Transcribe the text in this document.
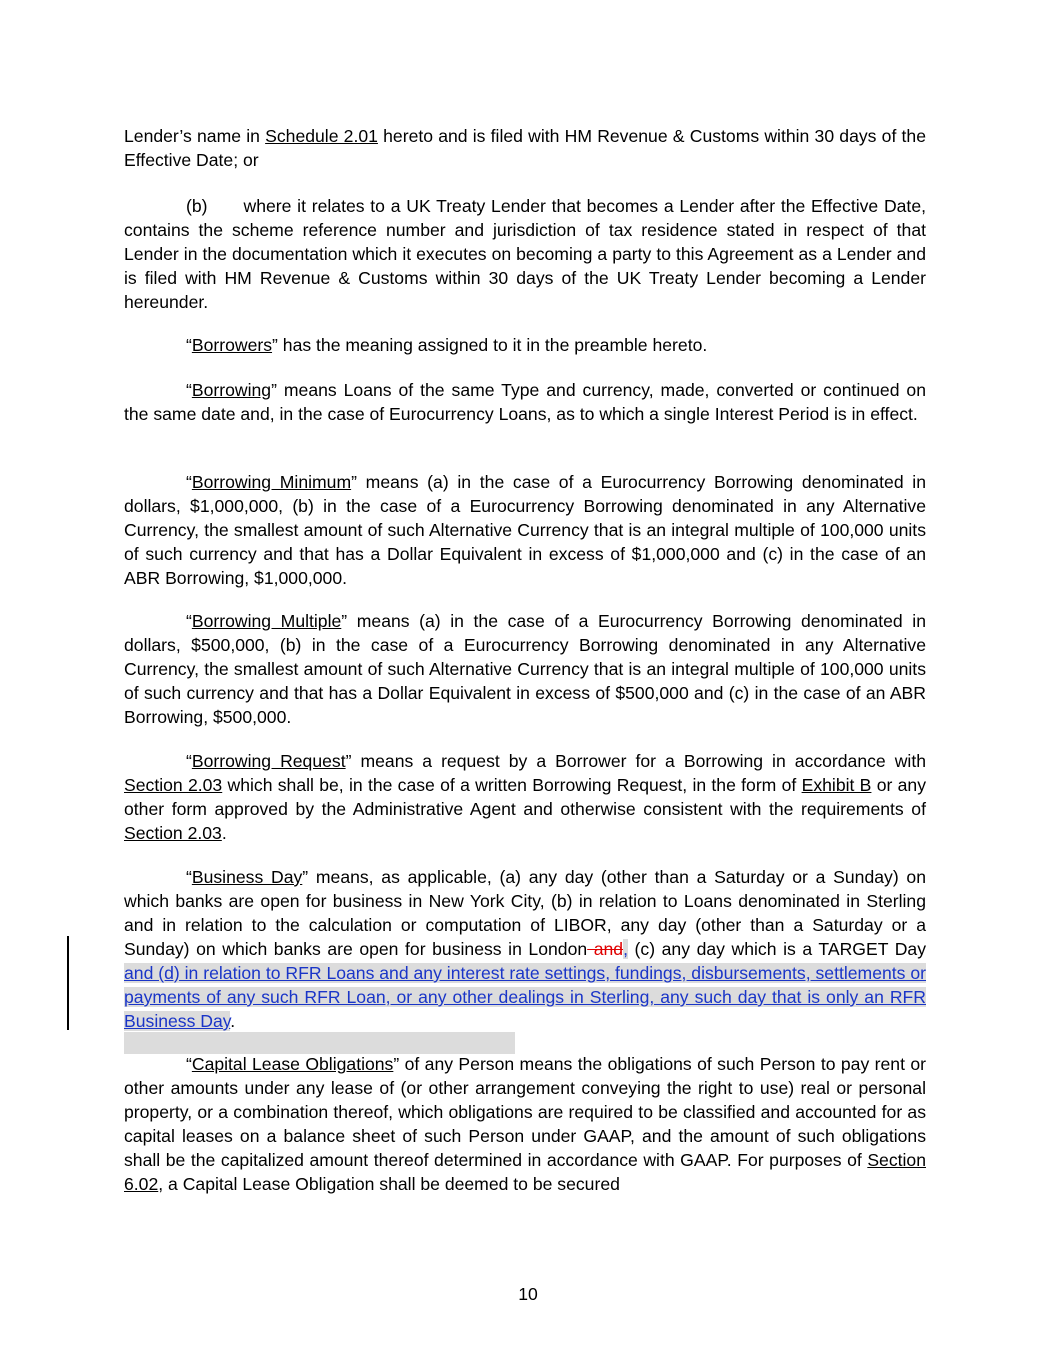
Lender’s name in Schedule 2.01 hereto and is filed with HM Revenue & Customs within 30 days of the Effective Date; or

(b) where it relates to a UK Treaty Lender that becomes a Lender after the Effective Date, contains the scheme reference number and jurisdiction of tax residence stated in respect of that Lender in the documentation which it executes on becoming a party to this Agreement as a Lender and is filed with HM Revenue & Customs within 30 days of the UK Treaty Lender becoming a Lender hereunder.

“Borrowers” has the meaning assigned to it in the preamble hereto.

“Borrowing” means Loans of the same Type and currency, made, converted or continued on the same date and, in the case of Eurocurrency Loans, as to which a single Interest Period is in effect.

“Borrowing Minimum” means (a) in the case of a Eurocurrency Borrowing denominated in dollars, $1,000,000, (b) in the case of a Eurocurrency Borrowing denominated in any Alternative Currency, the smallest amount of such Alternative Currency that is an integral multiple of 100,000 units of such currency and that has a Dollar Equivalent in excess of $1,000,000 and (c) in the case of an ABR Borrowing, $1,000,000.

“Borrowing Multiple” means (a) in the case of a Eurocurrency Borrowing denominated in dollars, $500,000, (b) in the case of a Eurocurrency Borrowing denominated in any Alternative Currency, the smallest amount of such Alternative Currency that is an integral multiple of 100,000 units of such currency and that has a Dollar Equivalent in excess of $500,000 and (c) in the case of an ABR Borrowing, $500,000.

“Borrowing Request” means a request by a Borrower for a Borrowing in accordance with Section 2.03 which shall be, in the case of a written Borrowing Request, in the form of Exhibit B or any other form approved by the Administrative Agent and otherwise consistent with the requirements of Section 2.03.

“Business Day” means, as applicable, (a) any day (other than a Saturday or a Sunday) on which banks are open for business in New York City, (b) in relation to Loans denominated in Sterling and in relation to the calculation or computation of LIBOR, any day (other than a Saturday or a Sunday) on which banks are open for business in London and, (c) any day which is a TARGET Day and (d) in relation to RFR Loans and any interest rate settings, fundings, disbursements, settlements or payments of any such RFR Loan, or any other dealings in Sterling, any such day that is only an RFR Business Day.

“Capital Lease Obligations” of any Person means the obligations of such Person to pay rent or other amounts under any lease of (or other arrangement conveying the right to use) real or personal property, or a combination thereof, which obligations are required to be classified and accounted for as capital leases on a balance sheet of such Person under GAAP, and the amount of such obligations shall be the capitalized amount thereof determined in accordance with GAAP. For purposes of Section 6.02, a Capital Lease Obligation shall be deemed to be secured

10
